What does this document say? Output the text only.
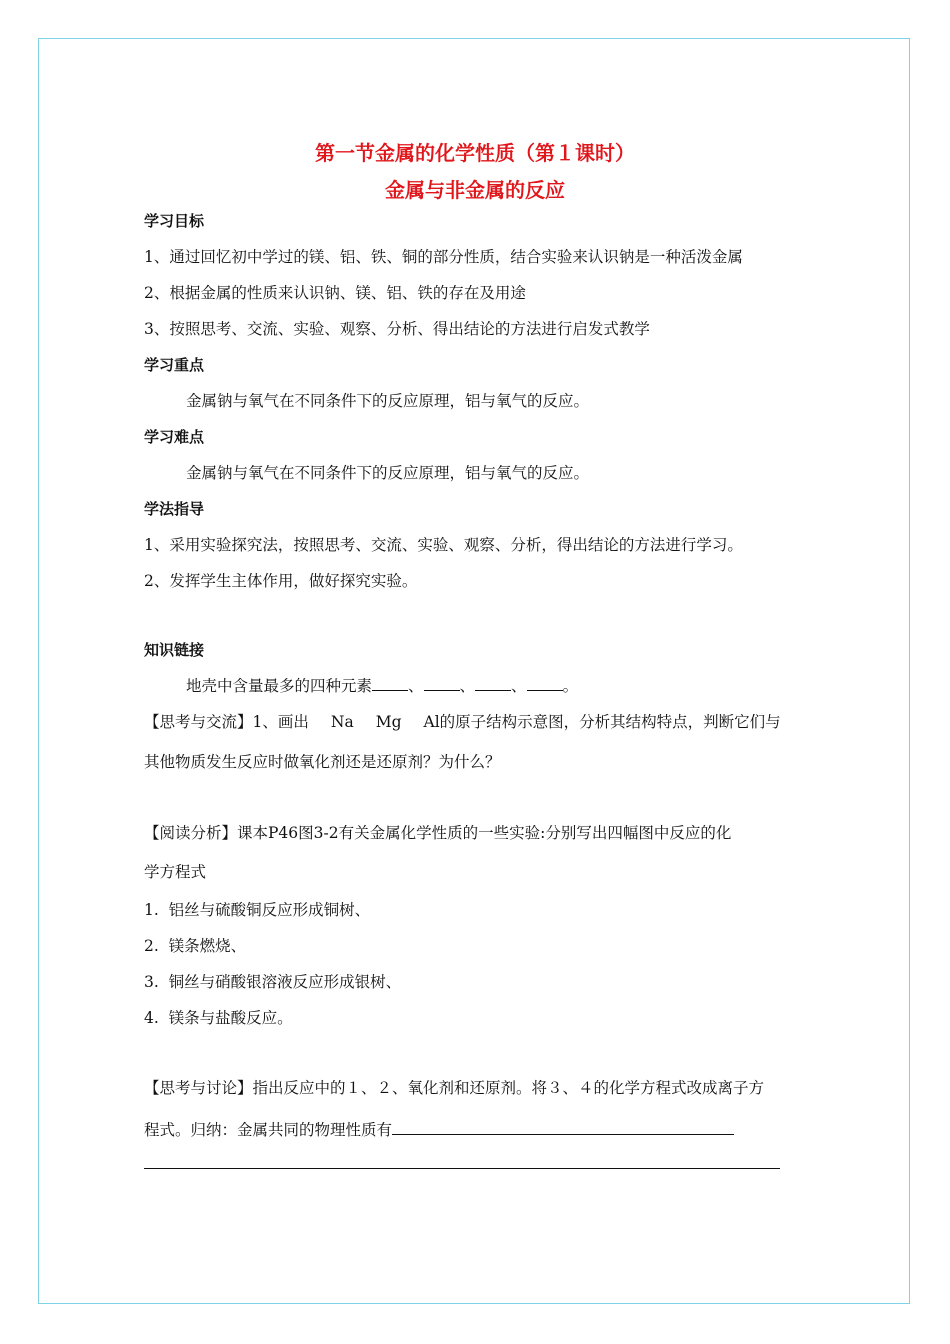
第一节金属的化学性质（第１课时）
金属与非金属的反应
学习目标
1、通过回忆初中学过的镁、铝、铁、铜的部分性质，结合实验来认识钠是一种活泼金属
2、根据金属的性质来认识钠、镁、铝、铁的存在及用途
3、按照思考、交流、实验、观察、分析、得出结论的方法进行启发式教学
学习重点
金属钠与氧气在不同条件下的反应原理，铝与氧气的反应。
学习难点
金属钠与氧气在不同条件下的反应原理，铝与氧气的反应。
学法指导
1、采用实验探究法，按照思考、交流、实验、观察、分析，得出结论的方法进行学习。
2、发挥学生主体作用，做好探究实验。
知识链接
地壳中含量最多的四种元素 、 、 、 。
【思考与交流】1、画出 Na Mg Al的原子结构示意图，分析其结构特点，判断它们与
其他物质发生反应时做氧化剂还是还原剂？为什么？
【阅读分析】课本P46图3-2有关金属化学性质的一些实验:分别写出四幅图中反应的化
学方程式
1. 铝丝与硫酸铜反应形成铜树、
2. 镁条燃烧、
3. 铜丝与硝酸银溶液反应形成银树、
4. 镁条与盐酸反应。
【思考与讨论】指出反应中的１、２、氧化剂和还原剂。将３、４的化学方程式改成离子方
程式。归纳：金属共同的物理性质有
